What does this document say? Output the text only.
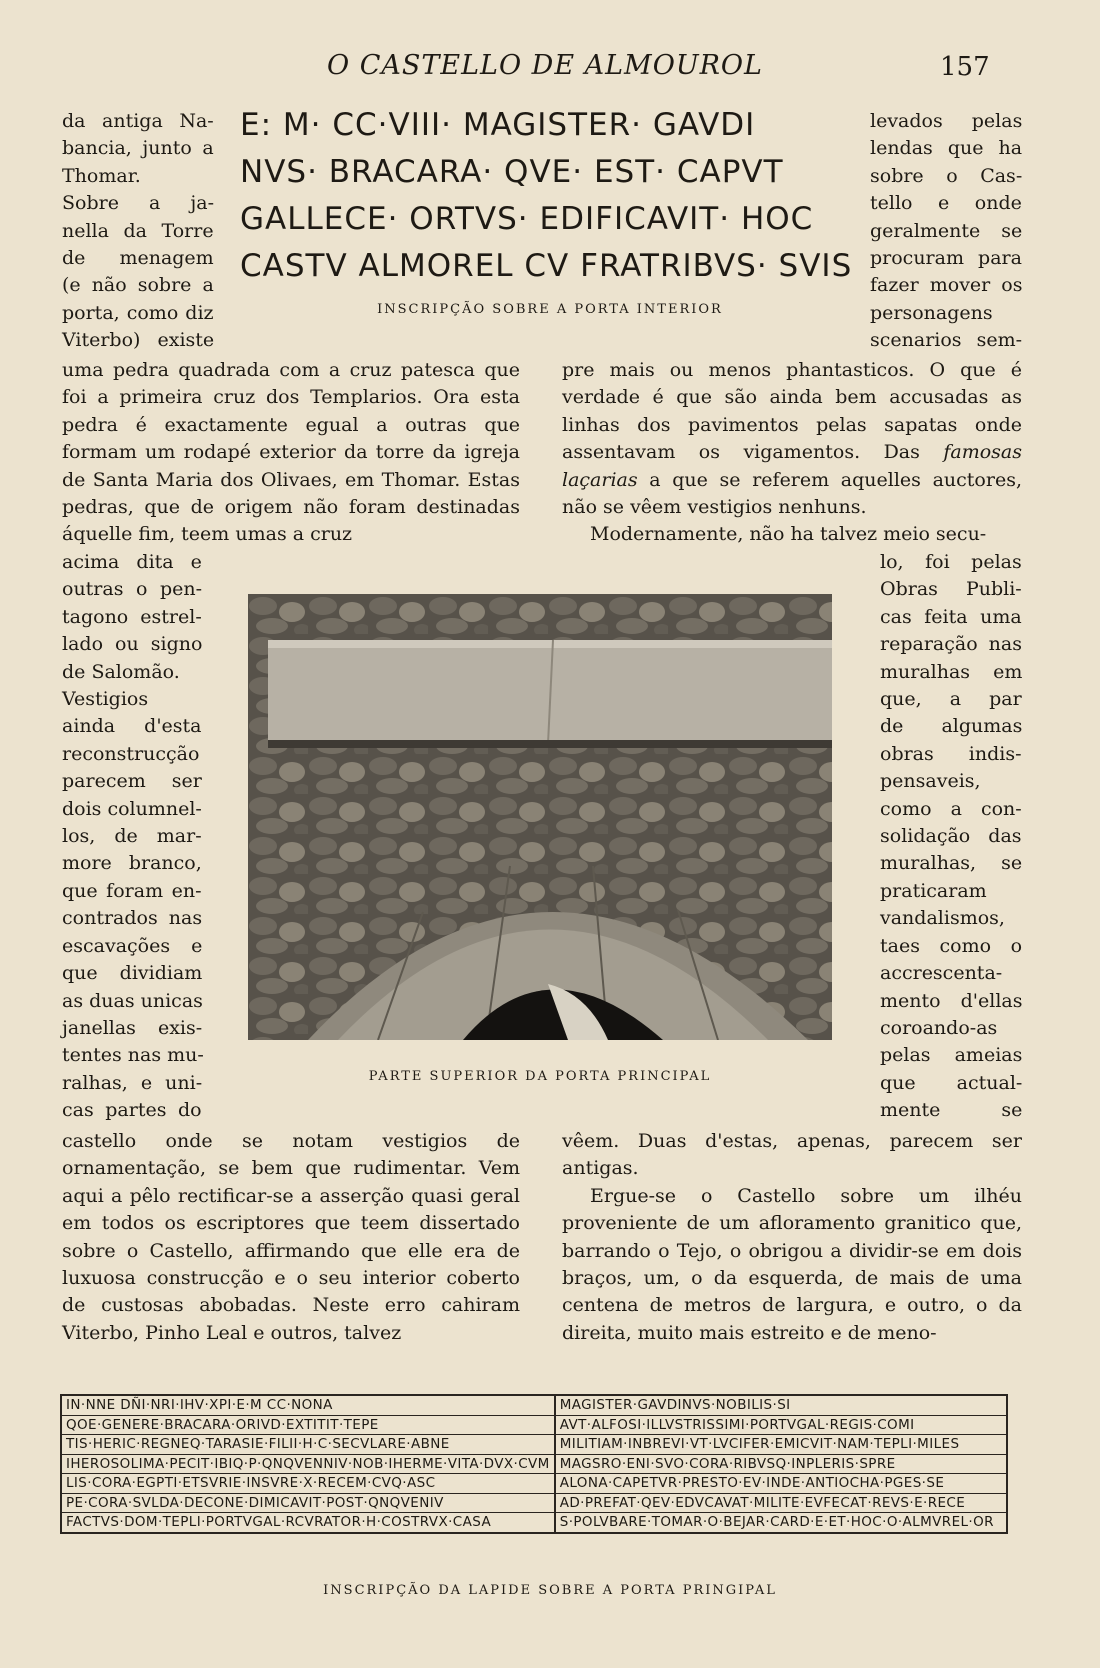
O CASTELLO DE ALMOUROL	157
da antiga Na-
bancia, junto a
Thomar.
Sobre a ja-
nella da Torre
de menagem
(e não sobre a
porta, como diz
Viterbo) existe
E: M· CC·VIII· MAGISTER· GAVDI
NVS· BRACARA· QVE· EST· CAPVT
GALLECE· ORTVS· EDIFICAVIT· HOC
CASTV ALMOREL CV FRATRIBVS· SVIS
INSCRIPÇÃO SOBRE A PORTA INTERIOR
levados pelas
lendas que ha
sobre o Cas-
tello e onde
geralmente se
procuram para
fazer mover os
personagens
scenarios sem-

uma pedra quadrada com a cruz patesca que foi a primeira cruz dos Templarios. Ora esta pedra é exactamente egual a outras que formam um rodapé exterior da torre da igreja de Santa Maria dos Olivaes, em Thomar. Estas pedras, que de origem não foram destinadas áquelle fim, teem umas a cruz

pre mais ou menos phantasticos. O que é verdade é que são ainda bem accusadas as linhas dos pavimentos pelas sapatas onde assentavam os vigamentos. Das famosas laçarias a que se referem aquelles auctores, não se vêem vestigios nenhuns.

Modernamente, não ha talvez meio secu-

acima dita e
outras o pen-
tagono estrel-
lado ou signo
de Salomão.
Vestigios
ainda d'esta
reconstrucção
parecem ser
dois columnel-
los, de mar-
more branco,
que foram en-
contrados nas
escavações e
que dividiam
as duas unicas
janellas exis-
tentes nas mu-
ralhas, e uni-
cas partes do
lo, foi pelas
Obras Publi-
cas feita uma
reparação nas
muralhas em
que, a par
de algumas
obras indis-
pensaveis,
como a con-
solidação das
muralhas, se
praticaram
vandalismos,
taes como o
accrescenta-
mento d'ellas
coroando-as
pelas ameias
que actual-
mente se
PARTE SUPERIOR DA PORTA PRINCIPAL

castello onde se notam vestigios de ornamentação, se bem que rudimentar. Vem aqui a pêlo rectificar-se a asserção quasi geral em todos os escriptores que teem dissertado sobre o Castello, affirmando que elle era de luxuosa construcção e o seu interior coberto de custosas abobadas. Neste erro cahiram Viterbo, Pinho Leal e outros, talvez

vêem. Duas d'estas, apenas, parecem ser antigas.

Ergue-se o Castello sobre um ilhéu proveniente de um afloramento granitico que, barrando o Tejo, o obrigou a dividir-se em dois braços, um, o da esquerda, de mais de uma centena de metros de largura, e outro, o da direita, muito mais estreito e de meno-

IN·NNE DÑI·NRI·IHV·XPI·E·M CC·NONA	MAGISTER·GAVDINVS·NOBILIS·SI
QOE·GENERE·BRACARA·ORIVD·EXTITIT·TEPE	AVT·ALFOSI·ILLVSTRISSIMI·PORTVGAL·REGIS·COMI
TIS·HERIC·REGNEQ·TARASIE·FILII·H·C·SECVLARE·ABNE	MILITIAM·INBREVI·VT·LVCIFER·EMICVIT·NAM·TEPLI·MILES
IHEROSOLIMA·PECIT·IBIQ·P·QNQVENNIV·NOB·IHERME·VITA·DVX·CVM	MAGSRO·ENI·SVO·CORA·RIBVSQ·INPLERIS·SPRE
LIS·CORA·EGPTI·ETSVRIE·INSVRE·X·RECEM·CVQ·ASC	ALONA·CAPETVR·PRESTO·EV·INDE·ANTIOCHA·PGES·SE
PE·CORA·SVLDA·DECONE·DIMICAVIT·POST·QNQVENIV	AD·PREFAT·QEV·EDVCAVAT·MILITE·EVFECAT·REVS·E·RECE
FACTVS·DOM·TEPLI·PORTVGAL·RCVRATOR·H·COSTRVX·CASA	S·POLVBARE·TOMAR·O·BEJAR·CARD·E·ET·HOC·O·ALMVREL·OR
INSCRIPÇÃO DA LAPIDE SOBRE A PORTA PRINGIPAL
